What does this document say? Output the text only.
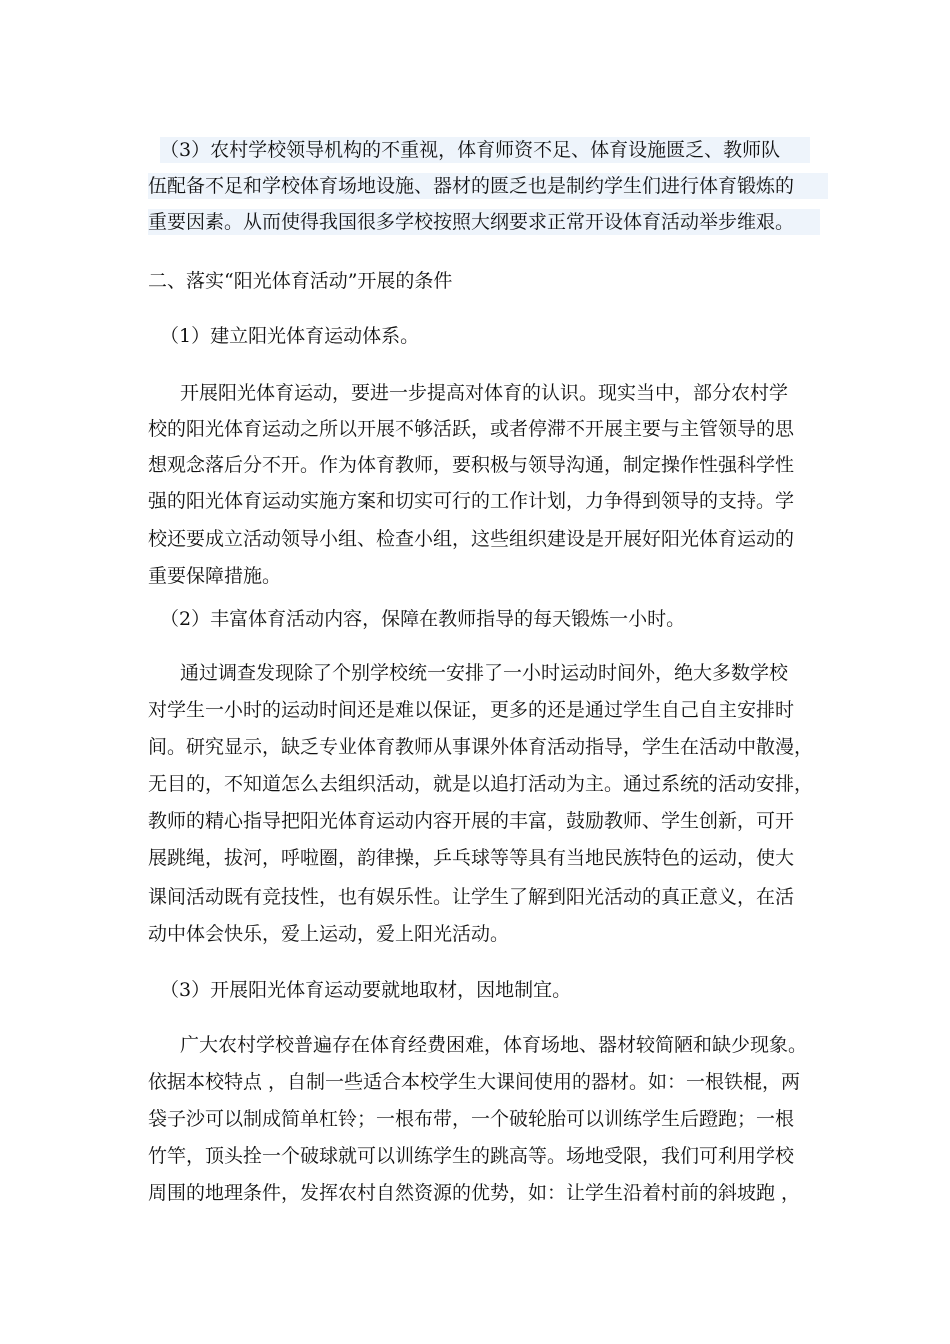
（3）农村学校领导机构的不重视，体育师资不足、体育设施匮乏、教师队
伍配备不足和学校体育场地设施、器材的匮乏也是制约学生们进行体育锻炼的
重要因素。从而使得我国很多学校按照大纲要求正常开设体育活动举步维艰。
二、落实“阳光体育活动”开展的条件
（1）建立阳光体育运动体系。
开展阳光体育运动，要进一步提高对体育的认识。现实当中，部分农村学
校的阳光体育运动之所以开展不够活跃，或者停滞不开展主要与主管领导的思
想观念落后分不开。作为体育教师，要积极与领导沟通，制定操作性强科学性
强的阳光体育运动实施方案和切实可行的工作计划，力争得到领导的支持。学
校还要成立活动领导小组、检查小组，这些组织建设是开展好阳光体育运动的
重要保障措施。
（2）丰富体育活动内容，保障在教师指导的每天锻炼一小时。
通过调查发现除了个别学校统一安排了一小时运动时间外，绝大多数学校
对学生一小时的运动时间还是难以保证，更多的还是通过学生自己自主安排时
间。研究显示，缺乏专业体育教师从事课外体育活动指导，学生在活动中散漫，
无目的，不知道怎么去组织活动，就是以追打活动为主。通过系统的活动安排，
教师的精心指导把阳光体育运动内容开展的丰富，鼓励教师、学生创新，可开
展跳绳，拔河，呼啦圈，韵律操，乒乓球等等具有当地民族特色的运动，使大
课间活动既有竞技性，也有娱乐性。让学生了解到阳光活动的真正意义，在活
动中体会快乐，爱上运动，爱上阳光活动。
（3）开展阳光体育运动要就地取材，因地制宜。
广大农村学校普遍存在体育经费困难，体育场地、器材较简陋和缺少现象。
依据本校特点 ，自制一些适合本校学生大课间使用的器材。如：一根铁棍，两
袋子沙可以制成简单杠铃；一根布带，一个破轮胎可以训练学生后蹬跑；一根
竹竿，顶头拴一个破球就可以训练学生的跳高等。场地受限，我们可利用学校
周围的地理条件，发挥农村自然资源的优势，如：让学生沿着村前的斜坡跑 ，
